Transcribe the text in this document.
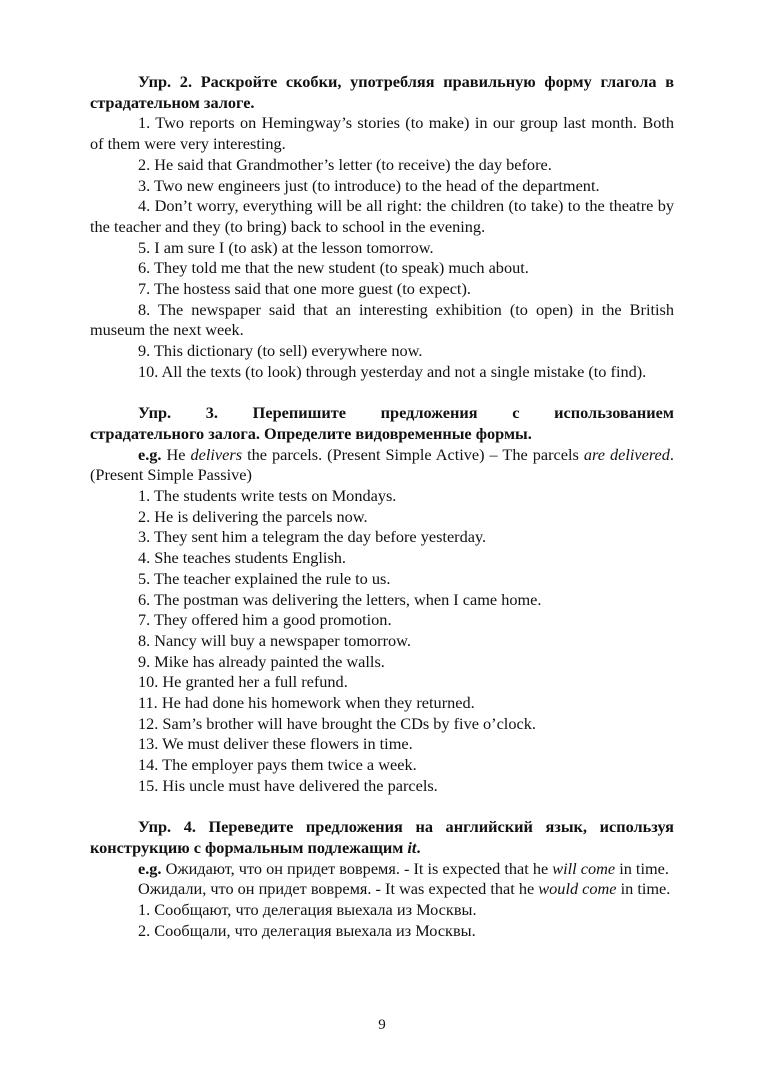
Упр. 2. Раскройте скобки, употребляя правильную форму глагола в страдательном залоге.

1. Two reports on Hemingway’s stories (to make) in our group last month. Both of them were very interesting.

2. He said that Grandmother’s letter (to receive) the day before.

3. Two new engineers just (to introduce) to the head of the department.

4. Don’t worry, everything will be all right: the children (to take) to the theatre by the teacher and they (to bring) back to school in the evening.

5. I am sure I (to ask) at the lesson tomorrow.

6. They told me that the new student (to speak) much about.

7. The hostess said that one more guest (to expect).

8. The newspaper said that an interesting exhibition (to open) in the British museum the next week.

9. This dictionary (to sell) everywhere now.

10. All the texts (to look) through yesterday and not a single mistake (to find).

Упр. 3. Перепишите предложения с использованием

страдательного залога. Определите видовременные формы.

e.g. He delivers the parcels. (Present Simple Active) – The parcels are delivered. (Present Simple Passive)

1. The students write tests on Mondays.

2. He is delivering the parcels now.

3. They sent him a telegram the day before yesterday.

4. She teaches students English.

5. The teacher explained the rule to us.

6. The postman was delivering the letters, when I came home.

7. They offered him a good promotion.

8. Nancy will buy a newspaper tomorrow.

9. Mike has already painted the walls.

10. He granted her a full refund.

11. He had done his homework when they returned.

12. Sam’s brother will have brought the CDs by five o’clock.

13. We must deliver these flowers in time.

14. The employer pays them twice a week.

15. His uncle must have delivered the parcels.

Упр. 4. Переведите предложения на английский язык, используя конструкцию с формальным подлежащим it.

e.g. Ожидают, что он придет вовремя. - It is expected that he will come in time.

Ожидали, что он придет вовремя. - It was expected that he would come in time.

1. Сообщают, что делегация выехала из Москвы.

2. Сообщали, что делегация выехала из Москвы.

9
